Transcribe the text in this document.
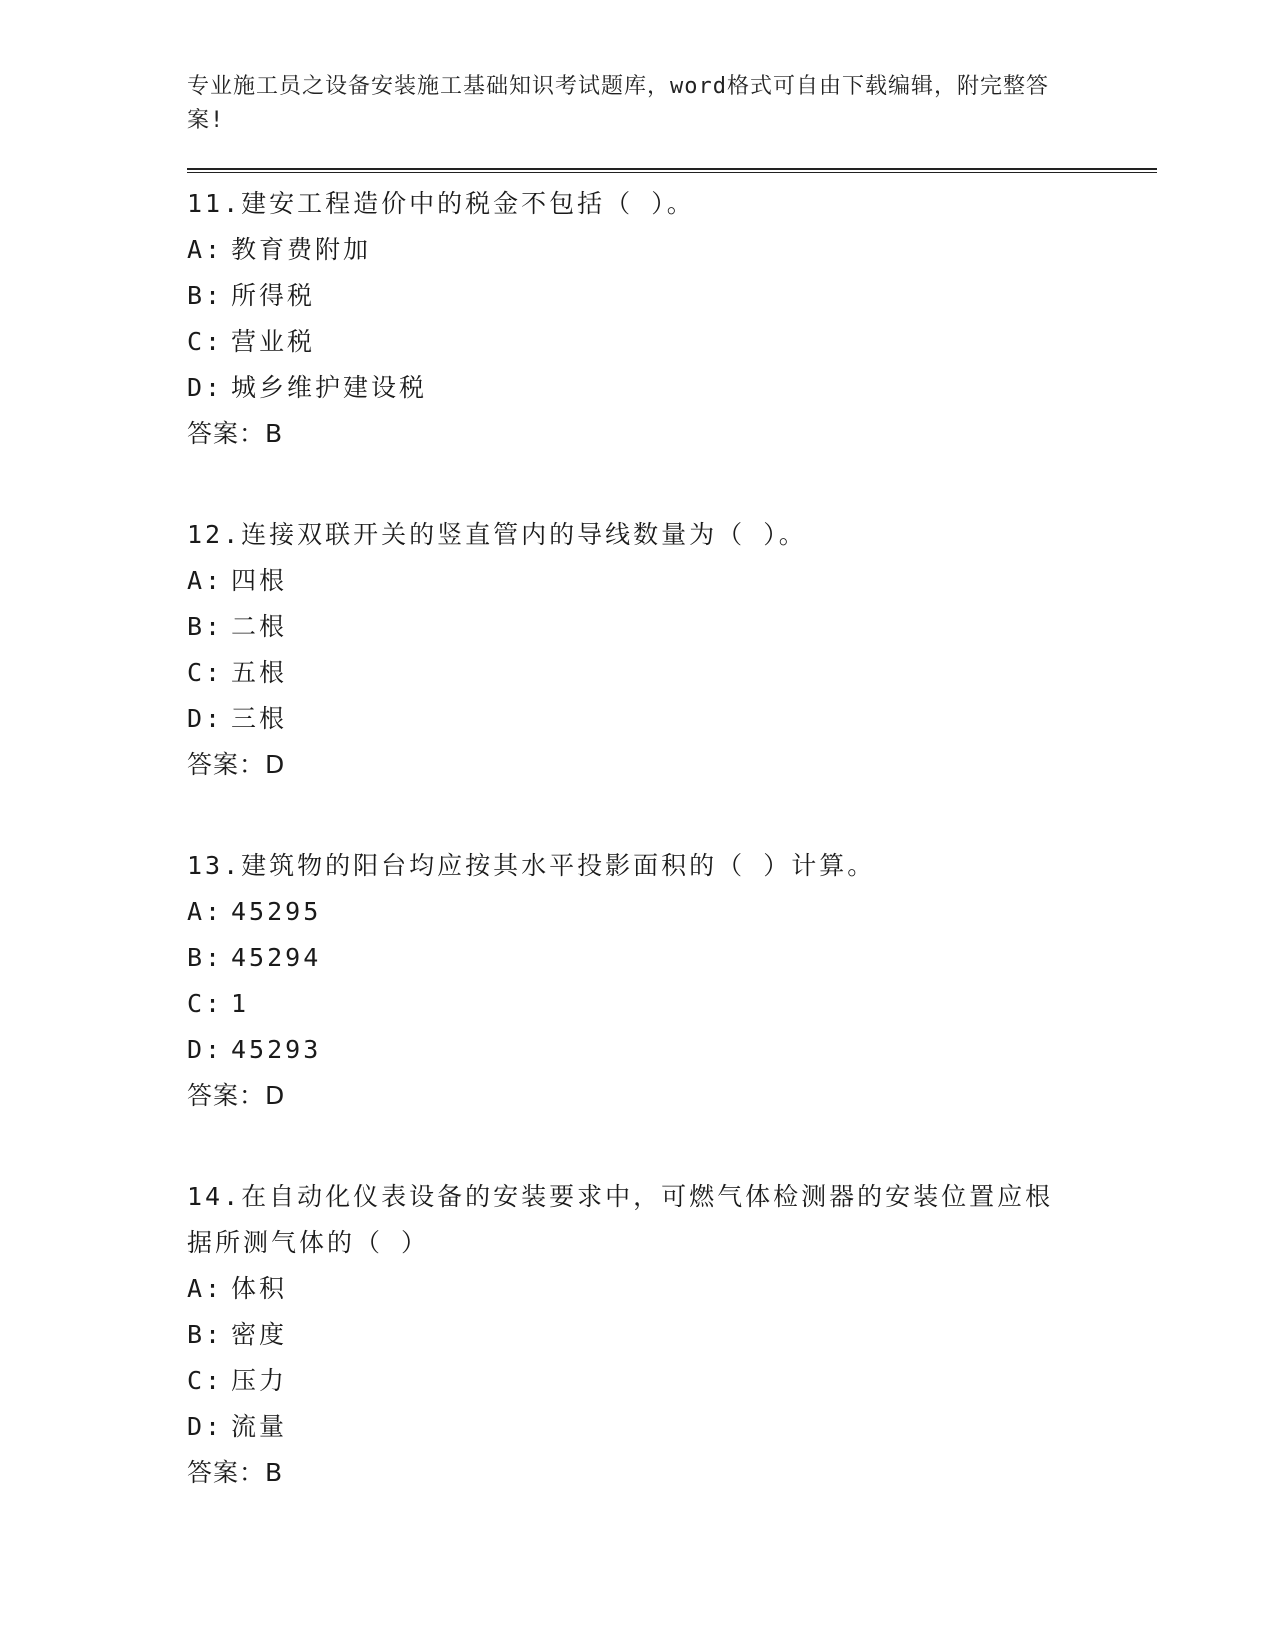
专业施工员之设备安装施工基础知识考试题库，word格式可自由下载编辑，附完整答案!
11.建安工程造价中的税金不包括（ ）。
A: 教育费附加
B: 所得税
C: 营业税
D: 城乡维护建设税
答案：B
12.连接双联开关的竖直管内的导线数量为（ ）。
A: 四根
B: 二根
C: 五根
D: 三根
答案：D
13.建筑物的阳台均应按其水平投影面积的（ ）计算。
A: 45295
B: 45294
C: 1
D: 45293
答案：D
14.在自动化仪表设备的安装要求中，可燃气体检测器的安装位置应根据所测气体的（ ）
A: 体积
B: 密度
C: 压力
D: 流量
答案：B
